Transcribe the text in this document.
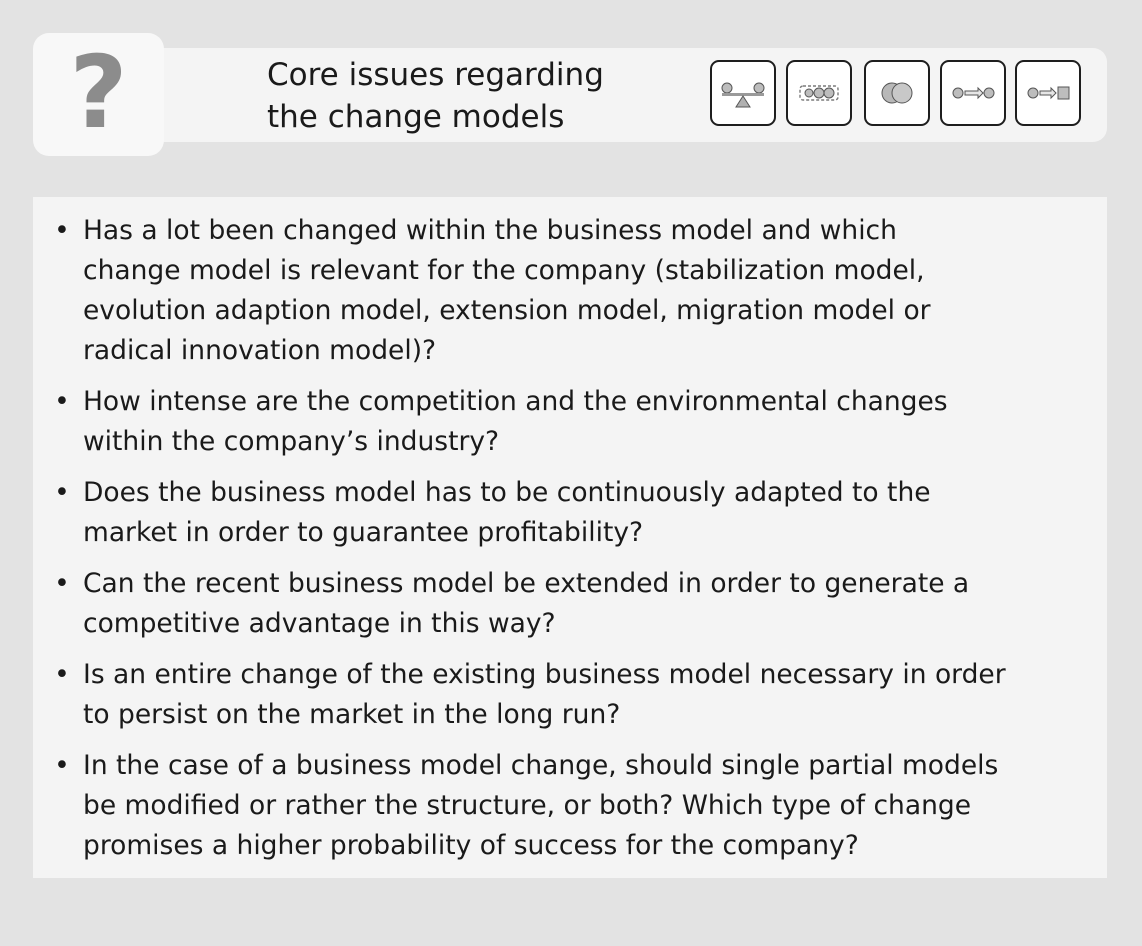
?	Core issues regarding
the change models
• Has a lot been changed within the business model and which
change model is relevant for the company (stabilization model,
evolution adaption model, extension model, migration model or
radical innovation model)?
• How intense are the competition and the environmental changes
within the company’s industry?
• Does the business model has to be continuously adapted to the
market in order to guarantee profitability?
• Can the recent business model be extended in order to generate a
competitive advantage in this way?
• Is an entire change of the existing business model necessary in order
to persist on the market in the long run?
• In the case of a business model change, should single partial models
be modified or rather the structure, or both? Which type of change
promises a higher probability of success for the company?
